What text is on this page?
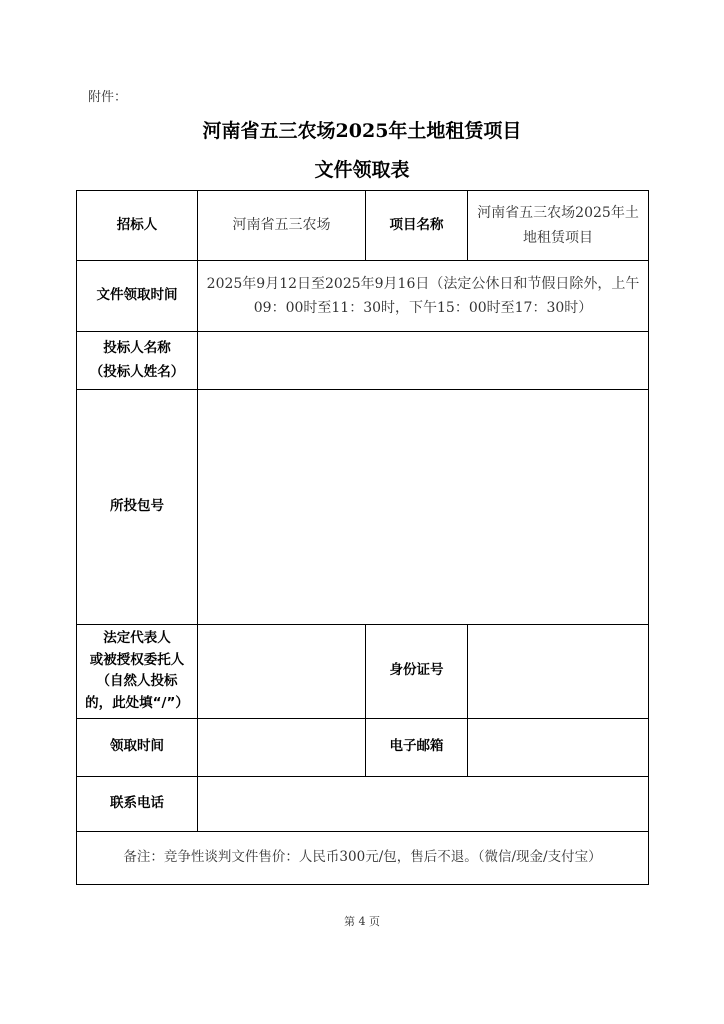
附件：
河南省五三农场2025年土地租赁项目
文件领取表
招标人	河南省五三农场	项目名称	河南省五三农场2025年土地租赁项目
文件领取时间	2025年9月12日至2025年9月16日（法定公休日和节假日除外，上午09：00时至11：30时，下午15：00时至17：30时）		

投标人名称
（投标人姓名）			

所投包号			

法定代表人
或被授权委托人
（自然人投标
的，此处填“/”）		身份证号	
领取时间		电子邮箱	
联系电话			
备注：竞争性谈判文件售价：人民币300元/包，售后不退。（微信/现金/支付宝）			
第 4 页
